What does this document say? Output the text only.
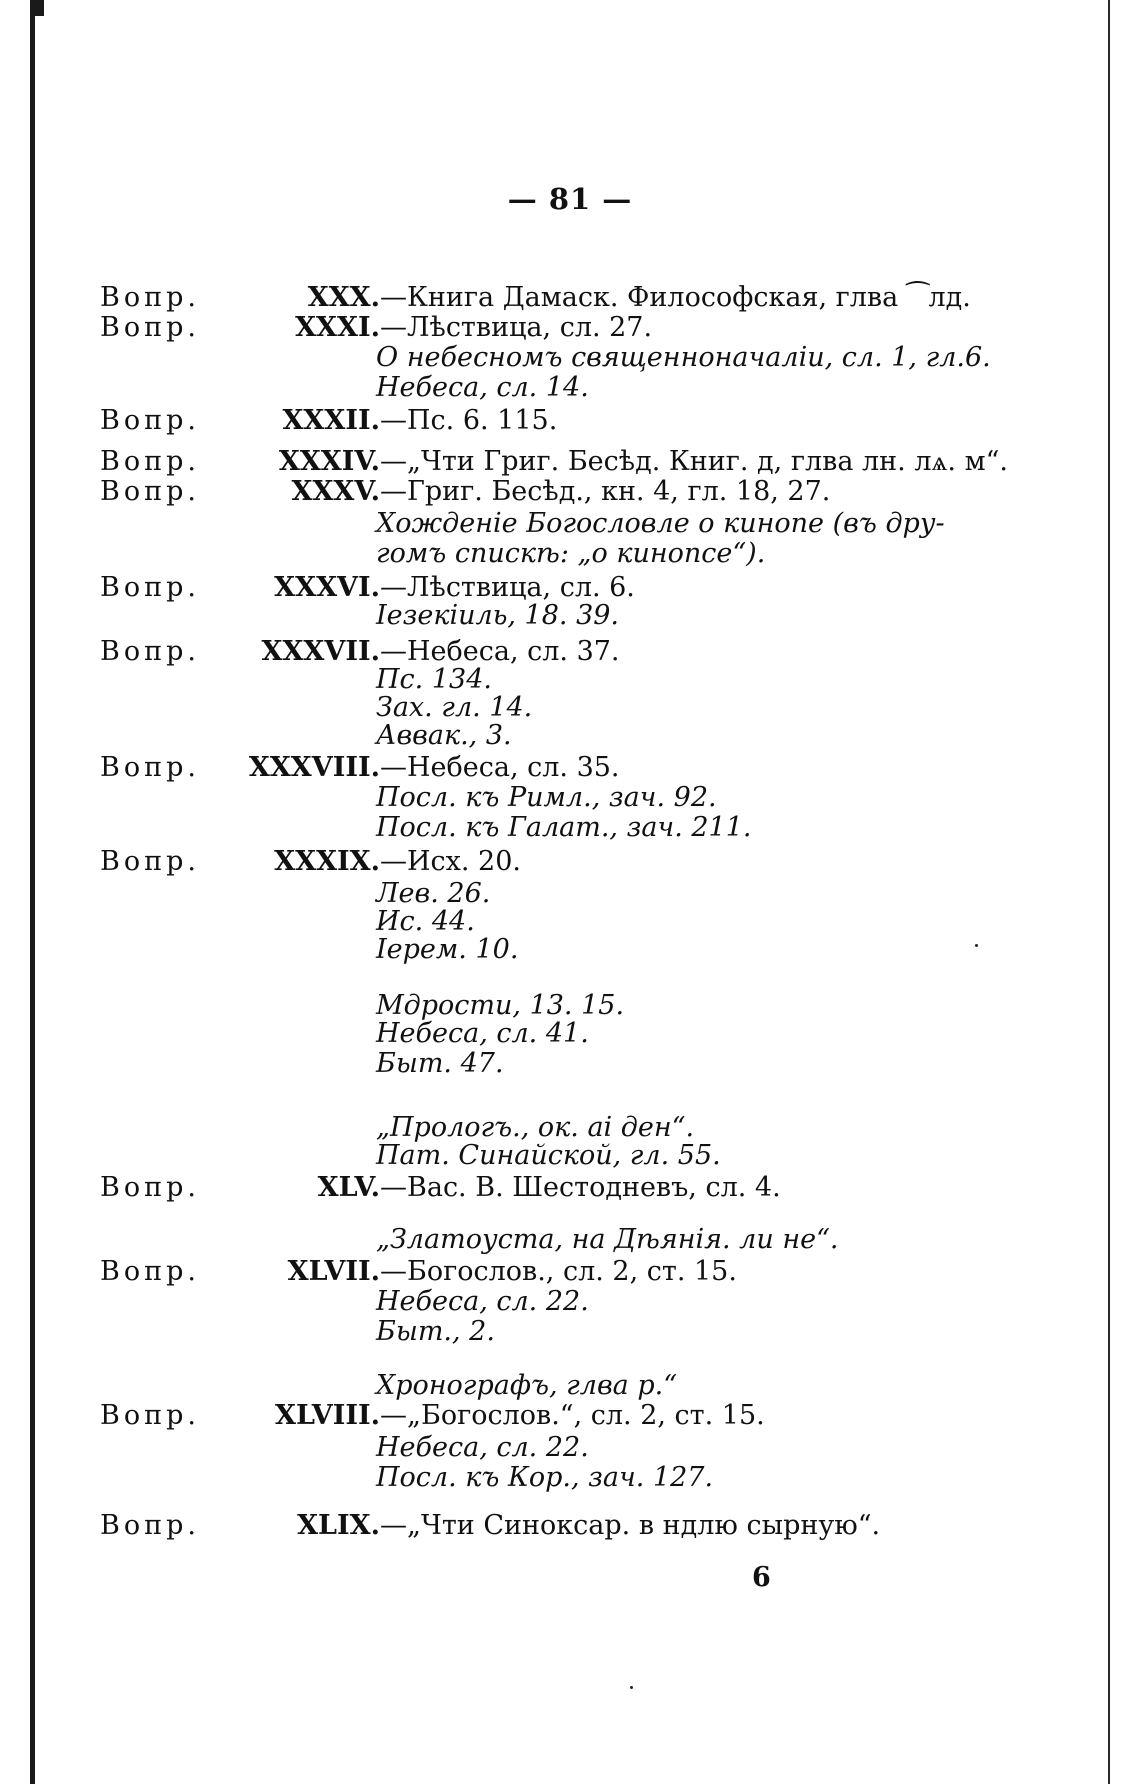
— 81 —
Вопр.	XXX. —Книга Дамаск. Философская, глва ⁀лд.
Вопр.	XXXI. —Лѣствица, сл. 27.
О небесномъ священноначаліи, сл. 1, гл.6.
Небеса, сл. 14.
Вопр.	XXXII. —Пс. 6. 115.
Вопр.	XXXIV. —„Чти Григ. Бесѣд. Книг. д, глва лн. лѧ. м“.
Вопр.	XXXV. —Григ. Бесѣд., кн. 4, гл. 18, 27.
Хожденіе Богословле о кинопе (въ дру-
гомъ спискѣ: „о кинопсе“).
Вопр.	XXXVI. —Лѣствица, сл. 6.
Іезекіиль, 18. 39.
Вопр.	XXXVII. —Небеса, сл. 37.
Пс. 134.
Зах. гл. 14.
Аввак., 3.
Вопр.	XXXVIII. —Небеса, сл. 35.
Посл. къ Римл., зач. 92.
Посл. къ Галат., зач. 211.
Вопр.	XXXIX. —Исх. 20.
Лев. 26.
Ис. 44.
Іерем. 10.
Мдрости, 13. 15.
Небеса, сл. 41.
Быт. 47.
„Прологъ., ок. аі ден“.
Пат. Синайской, гл. 55.
Вопр.	XLV. —Вас. В. Шестодневъ, сл. 4.
„Златоуста, на Дѣянія. ли не“.
Вопр.	XLVII. —Богослов., сл. 2, ст. 15.
Небеса, сл. 22.
Быт., 2.
Хронографъ, глва р.“
Вопр.	XLVIII. —„Богослов.“, сл. 2, ст. 15.
Небеса, сл. 22.
Посл. къ Кор., зач. 127.
Вопр.	XLIX. —„Чти Синоксар. в ндлю сырную“.
6
